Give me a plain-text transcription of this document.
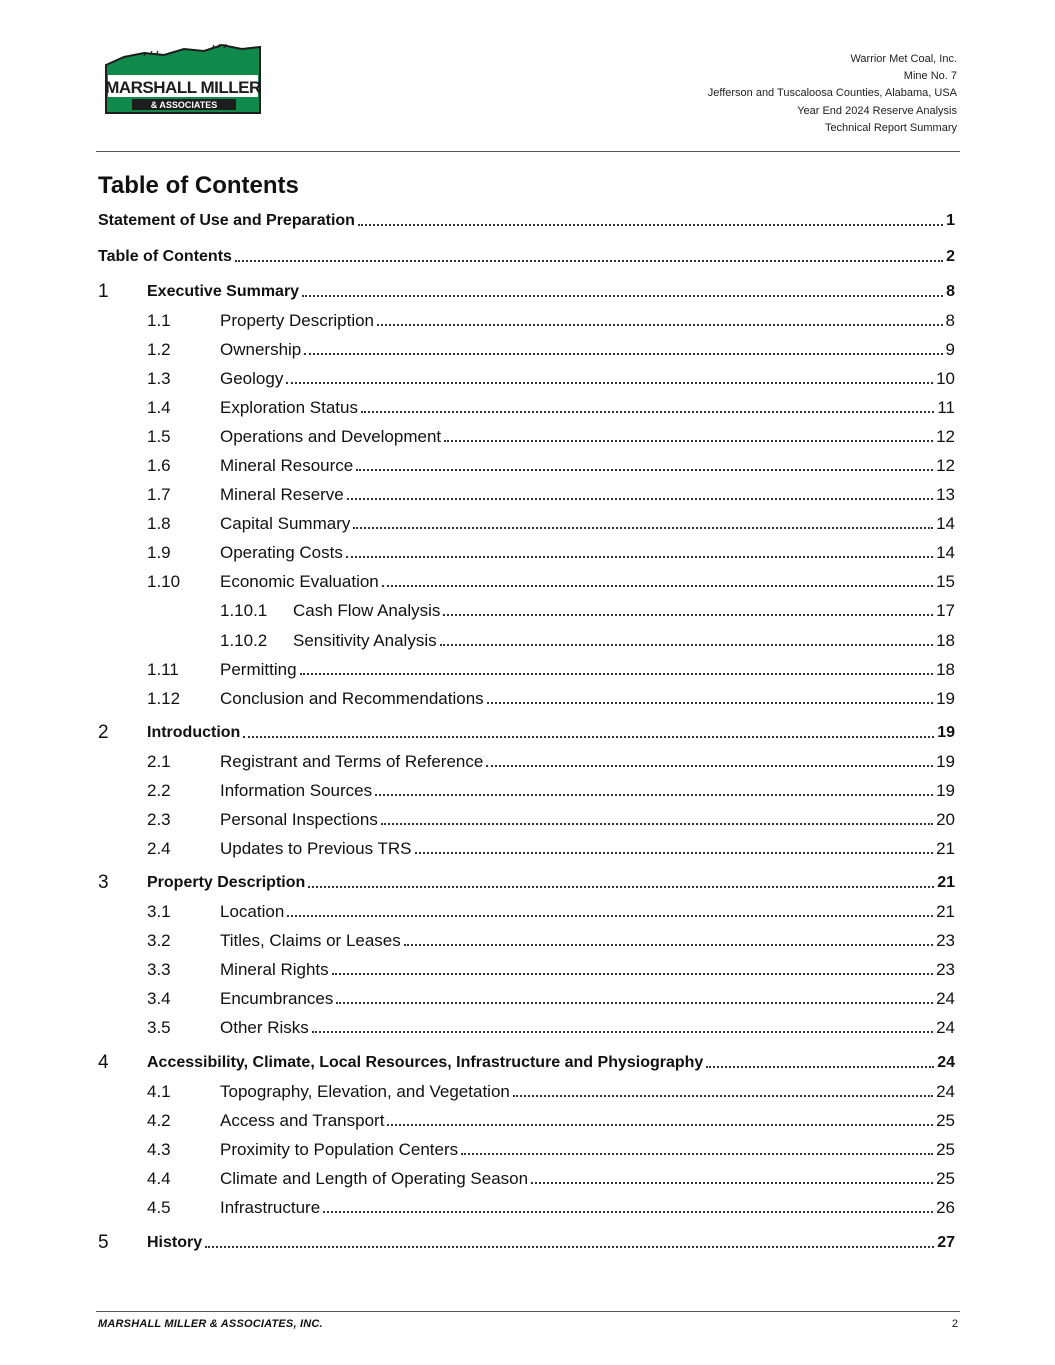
MARSHALL MILLER
& ASSOCIATES
Warrior Met Coal, Inc.
Mine No. 7
Jefferson and Tuscaloosa Counties, Alabama, USA
Year End 2024 Reserve Analysis
Technical Report Summary
Table of Contents
Statement of Use and Preparation	1
Table of Contents	2
1	Executive Summary	8
1.1	Property Description	8
1.2	Ownership	9
1.3	Geology	10
1.4	Exploration Status	11
1.5	Operations and Development	12
1.6	Mineral Resource	12
1.7	Mineral Reserve	13
1.8	Capital Summary	14
1.9	Operating Costs	14
1.10	Economic Evaluation	15
1.10.1	Cash Flow Analysis	17
1.10.2	Sensitivity Analysis	18
1.11	Permitting	18
1.12	Conclusion and Recommendations	19
2	Introduction	19
2.1	Registrant and Terms of Reference	19
2.2	Information Sources	19
2.3	Personal Inspections	20
2.4	Updates to Previous TRS	21
3	Property Description	21
3.1	Location	21
3.2	Titles, Claims or Leases	23
3.3	Mineral Rights	23
3.4	Encumbrances	24
3.5	Other Risks	24
4	Accessibility, Climate, Local Resources, Infrastructure and Physiography	24
4.1	Topography, Elevation, and Vegetation	24
4.2	Access and Transport	25
4.3	Proximity to Population Centers	25
4.4	Climate and Length of Operating Season	25
4.5	Infrastructure	26
5	History	27
MARSHALL MILLER & ASSOCIATES, INC.	2
